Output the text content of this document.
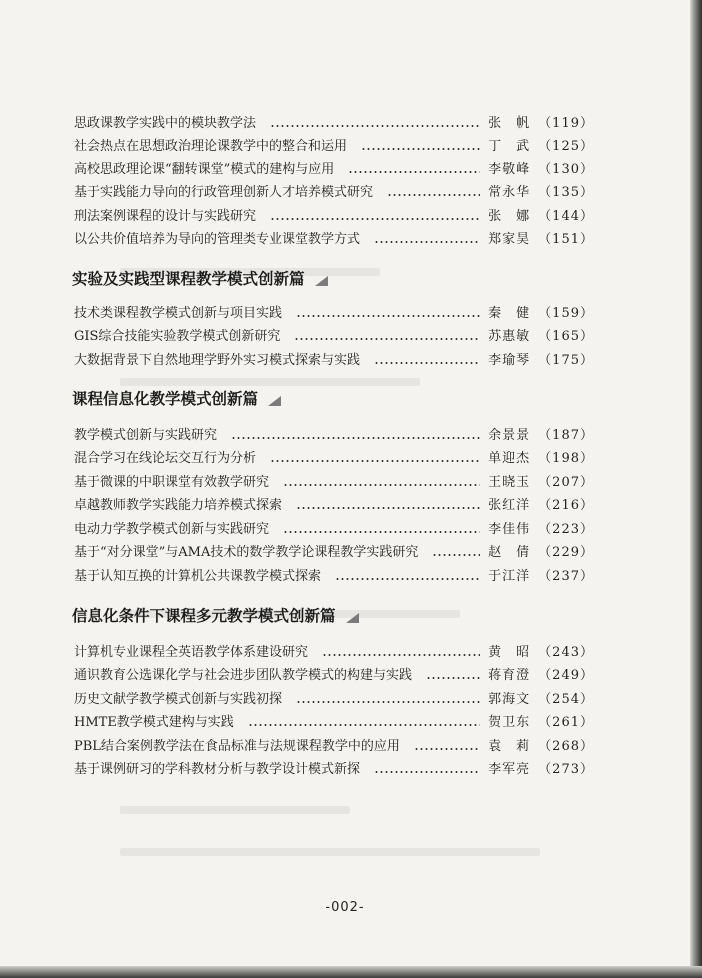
思政课教学实践中的模块教学法	张　帆 （119）
社会热点在思想政治理论课教学中的整合和运用	丁　武 （125）
高校思政理论课“翻转课堂”模式的建构与应用	李敬峰 （130）
基于实践能力导向的行政管理创新人才培养模式研究	常永华 （135）
刑法案例课程的设计与实践研究	张　娜 （144）
以公共价值培养为导向的管理类专业课堂教学方式	郑家昊 （151）
实验及实践型课程教学模式创新篇
技术类课程教学模式创新与项目实践	秦　健 （159）
GIS综合技能实验教学模式创新研究	苏惠敏 （165）
大数据背景下自然地理学野外实习模式探索与实践	李瑜琴 （175）
课程信息化教学模式创新篇
教学模式创新与实践研究	余景景 （187）
混合学习在线论坛交互行为分析	单迎杰 （198）
基于微课的中职课堂有效教学研究	王晓玉 （207）
卓越教师教学实践能力培养模式探索	张红洋 （216）
电动力学教学模式创新与实践研究	李佳伟 （223）
基于“对分课堂”与AMA技术的数学教学论课程教学实践研究	赵　倩 （229）
基于认知互换的计算机公共课教学模式探索	于江洋 （237）
信息化条件下课程多元教学模式创新篇
计算机专业课程全英语教学体系建设研究	黄　昭 （243）
通识教育公选课化学与社会进步团队教学模式的构建与实践	蒋育澄 （249）
历史文献学教学模式创新与实践初探	郭海文 （254）
HMTE教学模式建构与实践	贺卫东 （261）
PBL结合案例教学法在食品标准与法规课程教学中的应用	袁　莉 （268）
基于课例研习的学科教材分析与教学设计模式新探	李军亮 （273）
-002-
